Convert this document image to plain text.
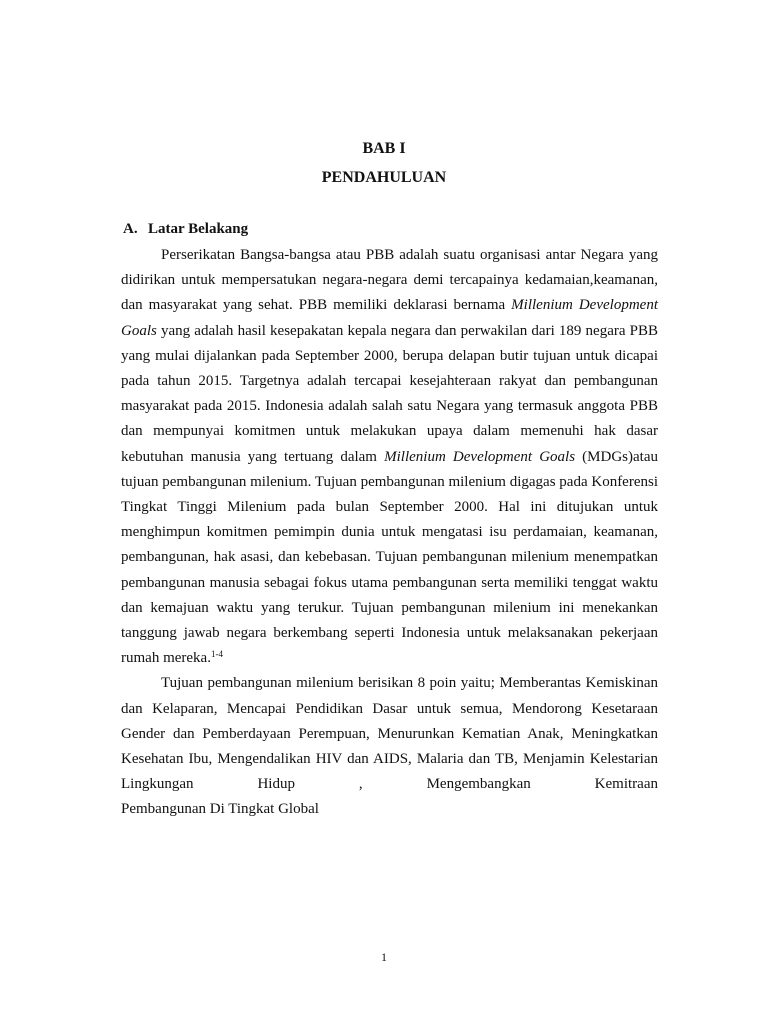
BAB I
PENDAHULUAN
A. Latar Belakang

Perserikatan Bangsa-bangsa atau PBB adalah suatu organisasi antar Negara yang didirikan untuk mempersatukan negara-negara demi tercapainya kedamaian,keamanan, dan masyarakat yang sehat. PBB memiliki deklarasi bernama Millenium Development Goals yang adalah hasil kesepakatan kepala negara dan perwakilan dari 189 negara PBB yang mulai dijalankan pada September 2000, berupa delapan butir tujuan untuk dicapai pada tahun 2015. Targetnya adalah tercapai kesejahteraan rakyat dan pembangunan masyarakat pada 2015. Indonesia adalah salah satu Negara yang termasuk anggota PBB dan mempunyai komitmen untuk melakukan upaya dalam memenuhi hak dasar kebutuhan manusia yang tertuang dalam Millenium Development Goals (MDGs)atau tujuan pembangunan milenium. Tujuan pembangunan milenium digagas pada Konferensi Tingkat Tinggi Milenium pada bulan September 2000. Hal ini ditujukan untuk menghimpun komitmen pemimpin dunia untuk mengatasi isu perdamaian, keamanan, pembangunan, hak asasi, dan kebebasan. Tujuan pembangunan milenium menempatkan pembangunan manusia sebagai fokus utama pembangunan serta memiliki tenggat waktu dan kemajuan waktu yang terukur. Tujuan pembangunan milenium ini menekankan tanggung jawab negara berkembang seperti Indonesia untuk melaksanakan pekerjaan rumah mereka.$^{1-4}$

Tujuan pembangunan milenium berisikan 8 poin yaitu; Memberantas Kemiskinan dan Kelaparan, Mencapai Pendidikan Dasar untuk semua, Mendorong Kesetaraan Gender dan Pemberdayaan Perempuan, Menurunkan Kematian Anak, Meningkatkan Kesehatan Ibu, Mengendalikan HIV dan AIDS, Malaria dan TB, Menjamin Kelestarian Lingkungan Hidup , Mengembangkan Kemitraan

Pembangunan Di Tingkat Global

1
